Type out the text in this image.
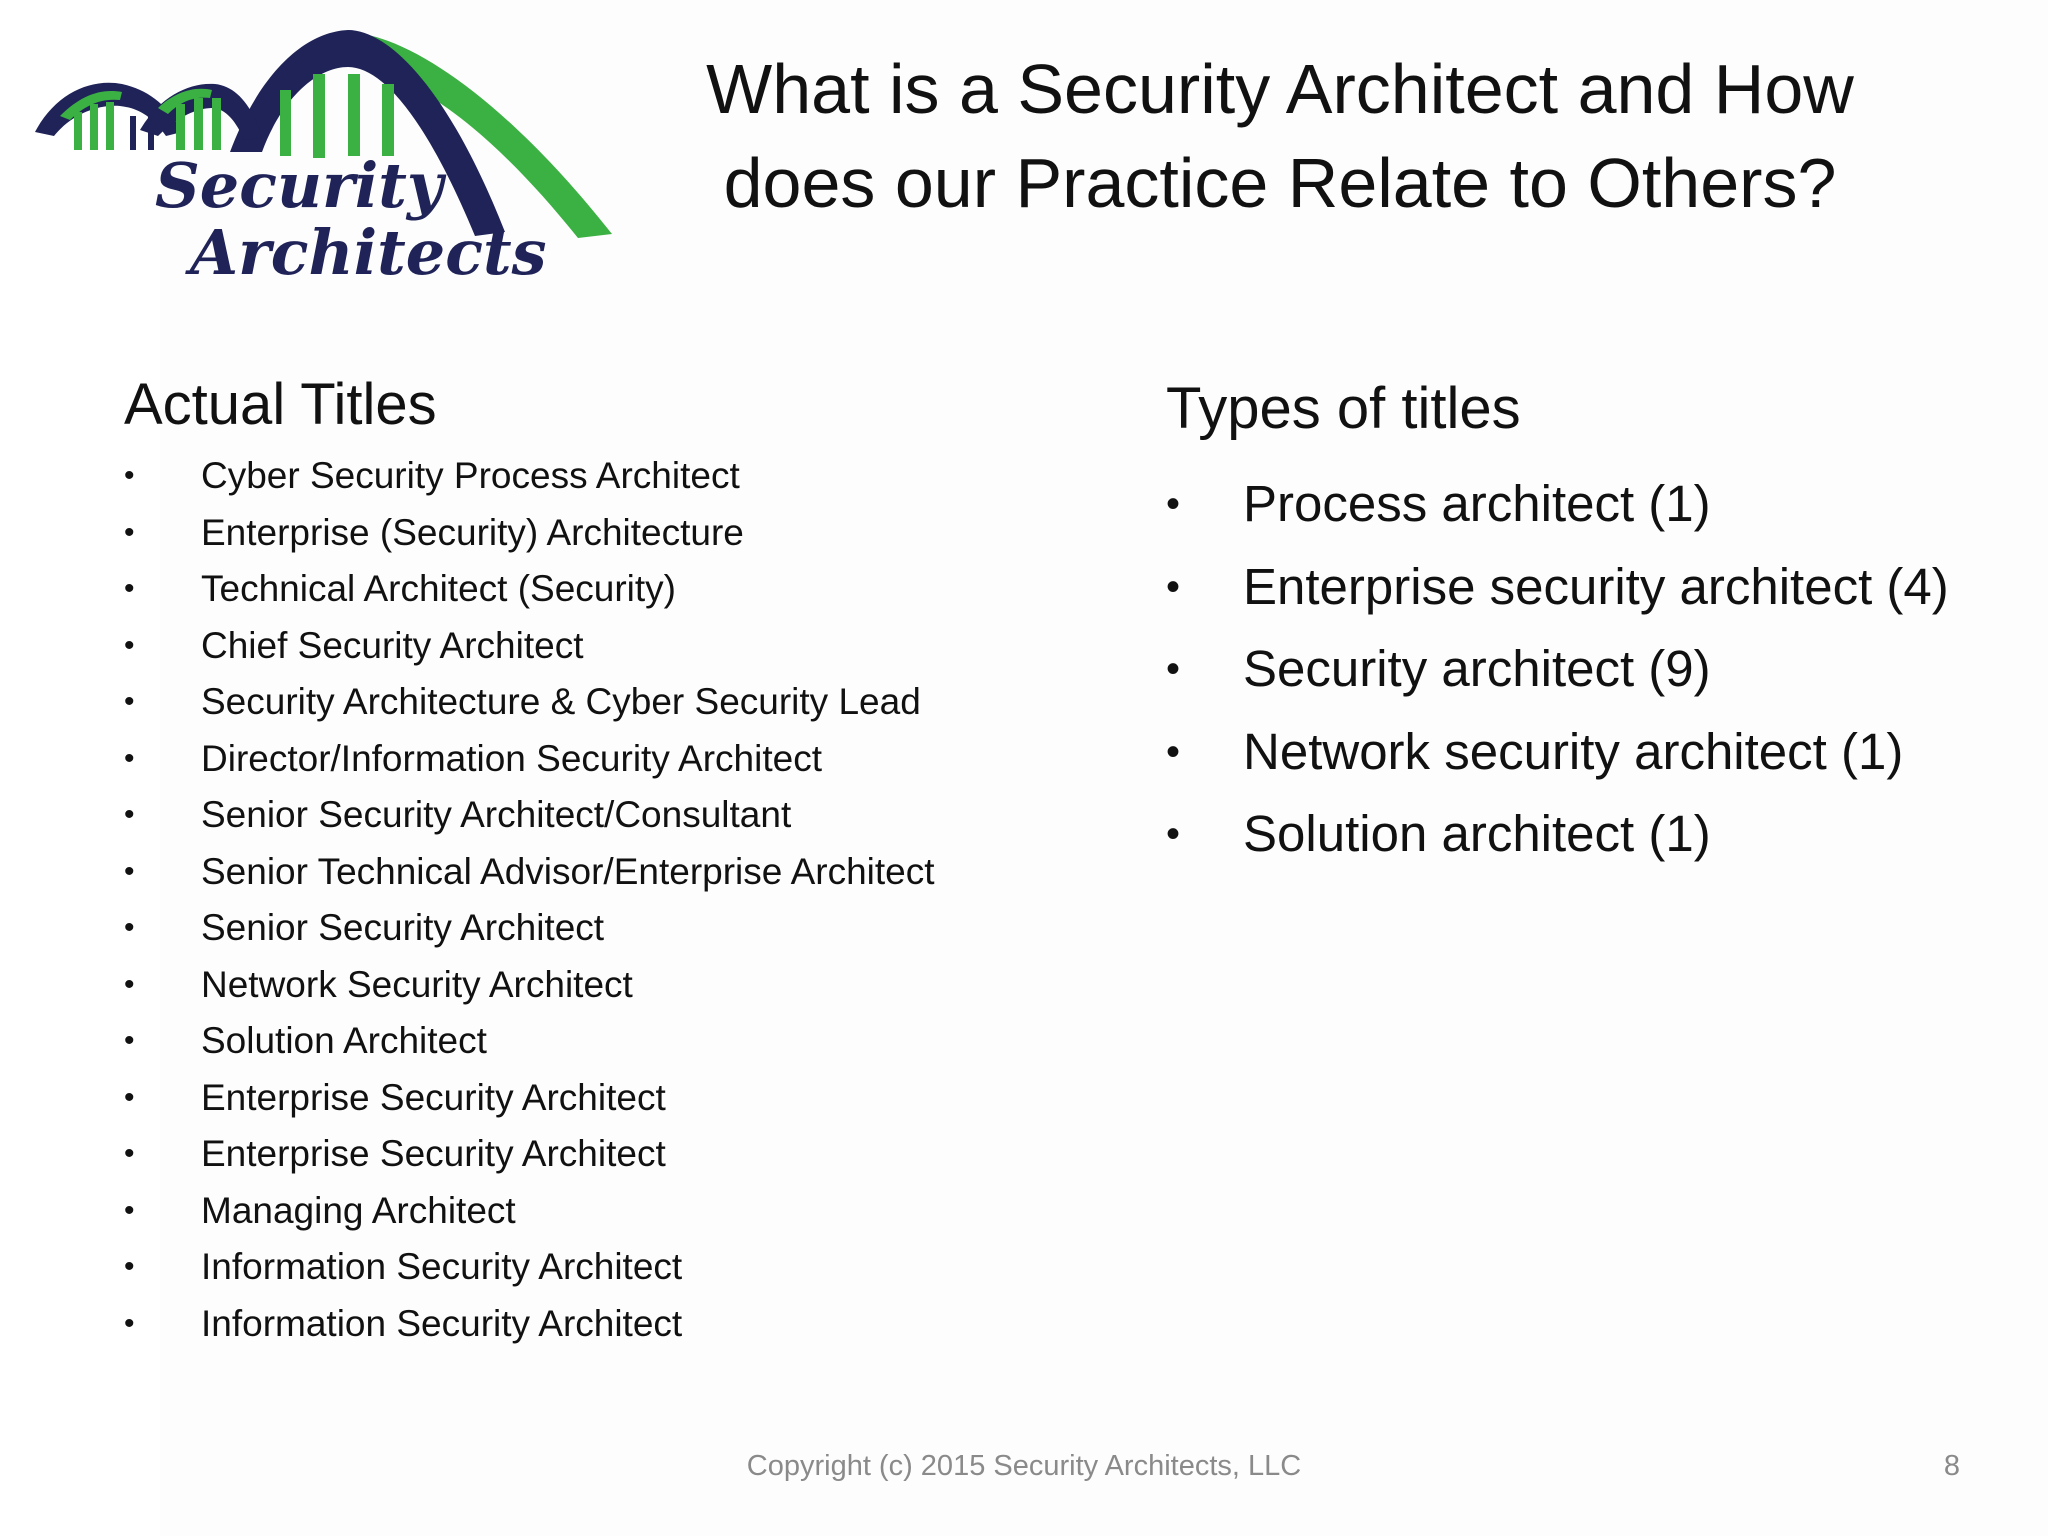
Security
Architects
What is a Security Architect and How
does our Practice Relate to Others?
Actual Titles
• Cyber Security Process Architect
• Enterprise (Security) Architecture
• Technical Architect (Security)
• Chief Security Architect
• Security Architecture & Cyber Security Lead
• Director/Information Security Architect
• Senior Security Architect/Consultant
• Senior Technical Advisor/Enterprise Architect
• Senior Security Architect
• Network Security Architect
• Solution Architect
• Enterprise Security Architect
• Enterprise Security Architect
• Managing Architect
• Information Security Architect
• Information Security Architect
Types of titles
• Process architect (1)
• Enterprise security architect (4)
• Security architect (9)
• Network security architect (1)
• Solution architect (1)
Copyright (c) 2015 Security Architects, LLC	8
